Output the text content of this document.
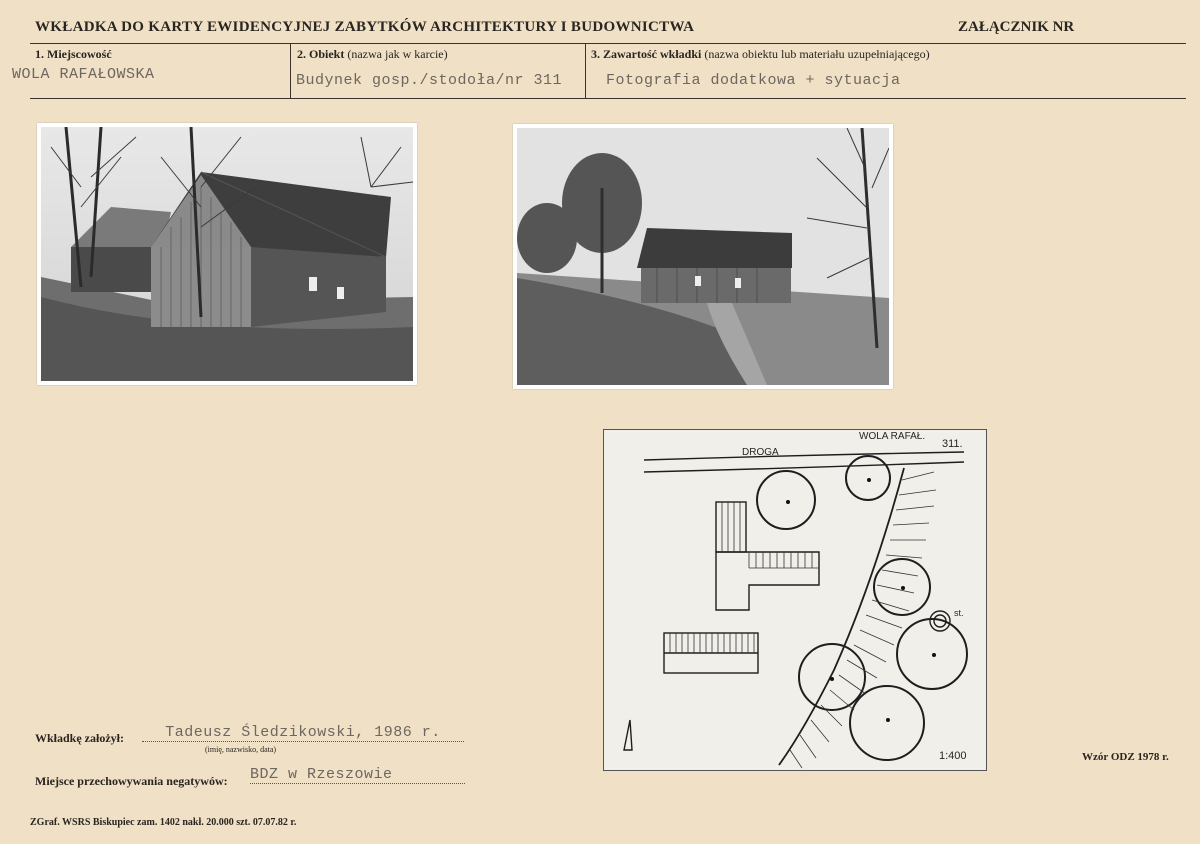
WKŁADKA DO KARTY EWIDENCYJNEJ ZABYTKÓW ARCHITEKTURY I BUDOWNICTWA	ZAŁĄCZNIK NR
1. Miejscowość
WOLA RAFAŁOWSKA
2. Obiekt (nazwa jak w karcie)
Budynek gosp./stodoła/nr 311
3. Zawartość wkładki (nazwa obiektu lub materiału uzupełniającego)
Fotografia dodatkowa + sytuacja
DROGA
WOLA RAFAŁ.
311.
st.
1:400
Wkładkę założył:	Tadeusz Śledzikowski, 1986 r.
(imię, nazwisko, data)
Miejsce przechowywania negatywów: BDZ w Rzeszowie
Wzór ODZ 1978 r.
ZGraf. WSRS Biskupiec zam. 1402 nakł. 20.000 szt. 07.07.82 r.
